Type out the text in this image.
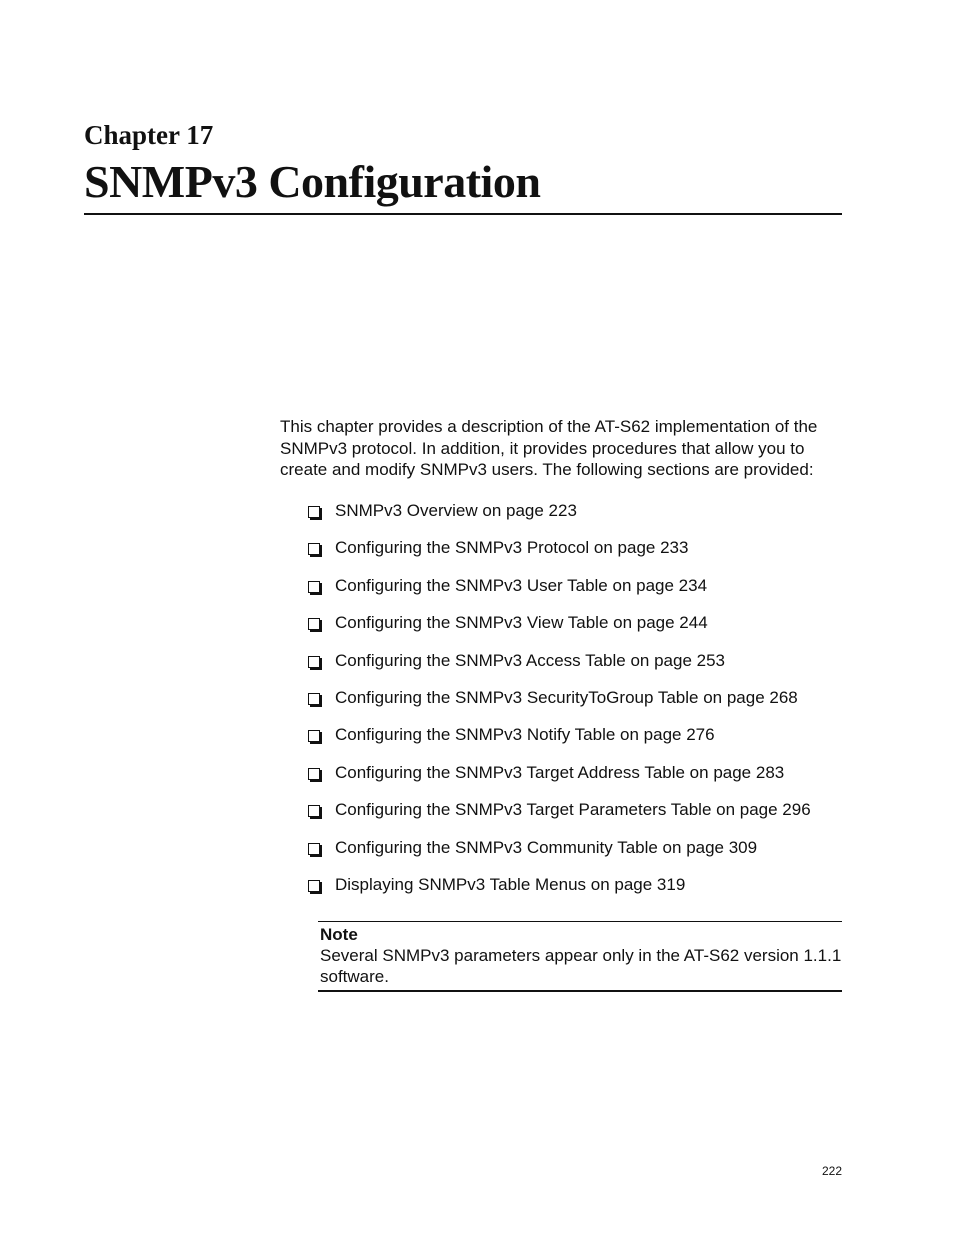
Chapter 17
SNMPv3 Configuration

This chapter provides a description of the AT-S62 implementation of the SNMPv3 protocol. In addition, it provides procedures that allow you to create and modify SNMPv3 users. The following sections are provided:

SNMPv3 Overview on page 223
Configuring the SNMPv3 Protocol on page 233
Configuring the SNMPv3 User Table on page 234
Configuring the SNMPv3 View Table on page 244
Configuring the SNMPv3 Access Table on page 253
Configuring the SNMPv3 SecurityToGroup Table on page 268
Configuring the SNMPv3 Notify Table on page 276
Configuring the SNMPv3 Target Address Table on page 283
Configuring the SNMPv3 Target Parameters Table on page 296
Configuring the SNMPv3 Community Table on page 309
Displaying SNMPv3 Table Menus on page 319

Note

Several SNMPv3 parameters appear only in the AT-S62 version 1.1.1 software.

222
